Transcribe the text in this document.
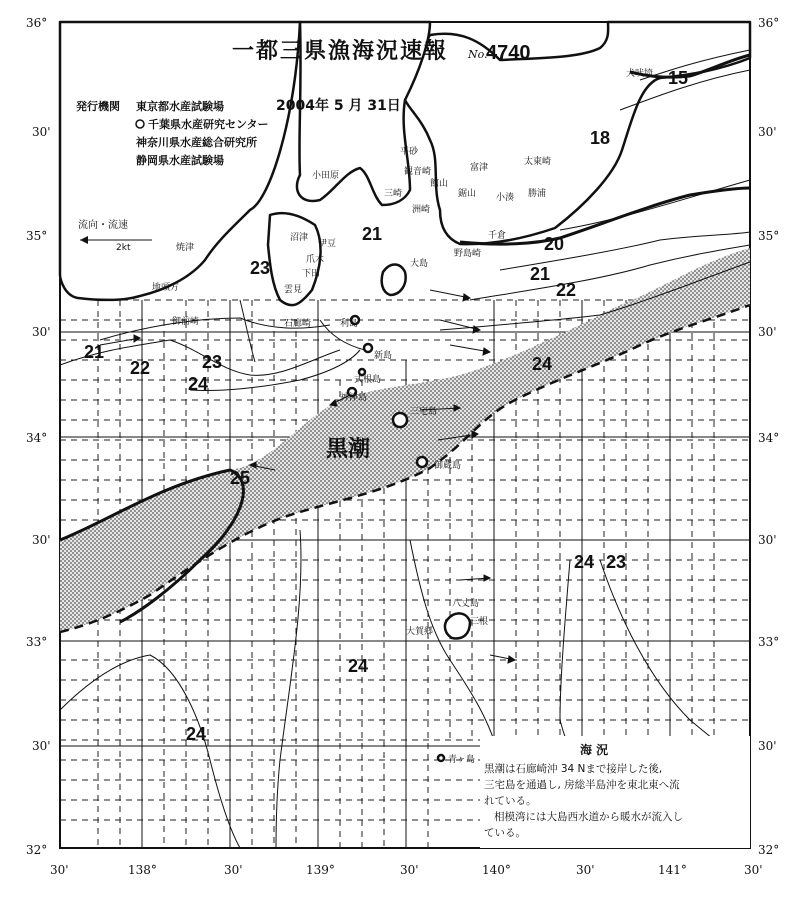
一都三県漁海況速報 No.
4740
発行機関 東京都水産試験場	2004年 5 月 31日
千葉県水産研究センター
神奈川県水産総合研究所
静岡県水産試験場
流向・流速
2kt
36°
30'
35°
30'
34°
30'
33°
30'
32°
36°
30'
35°
30'
34°
30'
33°
30'
32°
30'	138°	30'	139°	30'	140°	30'	141°	30'
黒潮
15
18
20
21
21
21
22
22
23
23	24
24
24
24
24
25
23
犬吠埼
太東崎
勝浦
小湊
平砂
富津
鋸山
千倉
野島崎
洲崎
館山
観音崎
三崎
小田原
伊豆
沼津
焼津
御前崎
地頭方
石廊崎
下田
爪木
雲見
大島
利島
新島
式根島
神津島
三宅島
御蔵島
八丈島
三根
大賀郷
青ヶ島
海 況
黒潮は石廊崎沖 34 Nまで接岸した後,
三宅島を通過し, 房総半島沖を東北東へ流
れている。
相模湾には大島西水道から暖水が流入し
ている。
